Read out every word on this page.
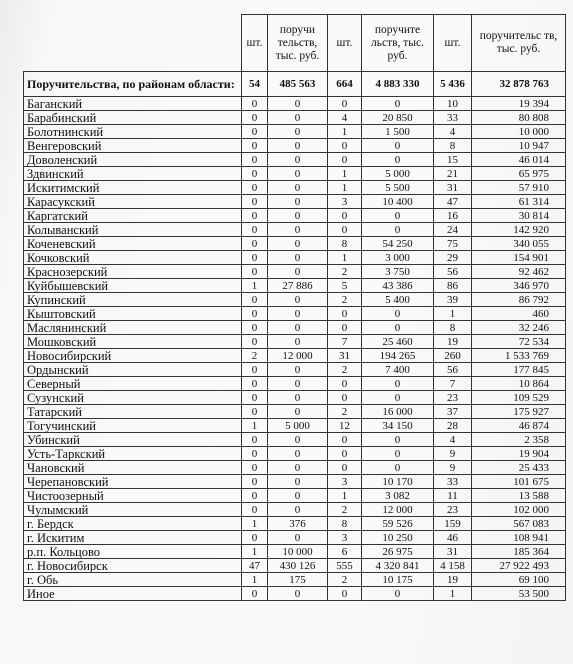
	шт.	поручи тельств, тыс. руб.	шт.	поручите льств, тыс. руб.	шт.	поручительс тв, тыс. руб.
Поручительства, по районам области:	54	485 563	664	4 883 330	5 436	32 878 763
Баганский	0	0	0	0	10	19 394
Барабинский	0	0	4	20 850	33	80 808
Болотнинский	0	0	1	1 500	4	10 000
Венгеровский	0	0	0	0	8	10 947
Доволенский	0	0	0	0	15	46 014
Здвинский	0	0	1	5 000	21	65 975
Искитимский	0	0	1	5 500	31	57 910
Карасукский	0	0	3	10 400	47	61 314
Каргатский	0	0	0	0	16	30 814
Колыванский	0	0	0	0	24	142 920
Коченевский	0	0	8	54 250	75	340 055
Кочковский	0	0	1	3 000	29	154 901
Краснозерский	0	0	2	3 750	56	92 462
Куйбышевский	1	27 886	5	43 386	86	346 970
Купинский	0	0	2	5 400	39	86 792
Кыштовский	0	0	0	0	1	460
Маслянинский	0	0	0	0	8	32 246
Мошковский	0	0	7	25 460	19	72 534
Новосибирский	2	12 000	31	194 265	260	1 533 769
Ордынский	0	0	2	7 400	56	177 845
Северный	0	0	0	0	7	10 864
Сузунский	0	0	0	0	23	109 529
Татарский	0	0	2	16 000	37	175 927
Тогучинский	1	5 000	12	34 150	28	46 874
Убинский	0	0	0	0	4	2 358
Усть-Таркский	0	0	0	0	9	19 904
Чановский	0	0	0	0	9	25 433
Черепановский	0	0	3	10 170	33	101 675
Чистоозерный	0	0	1	3 082	11	13 588
Чулымский	0	0	2	12 000	23	102 000
г. Бердск	1	376	8	59 526	159	567 083
г. Искитим	0	0	3	10 250	46	108 941
р.п. Кольцово	1	10 000	6	26 975	31	185 364
г. Новосибирск	47	430 126	555	4 320 841	4 158	27 922 493
г. Обь	1	175	2	10 175	19	69 100
Иное	0	0	0	0	1	53 500
